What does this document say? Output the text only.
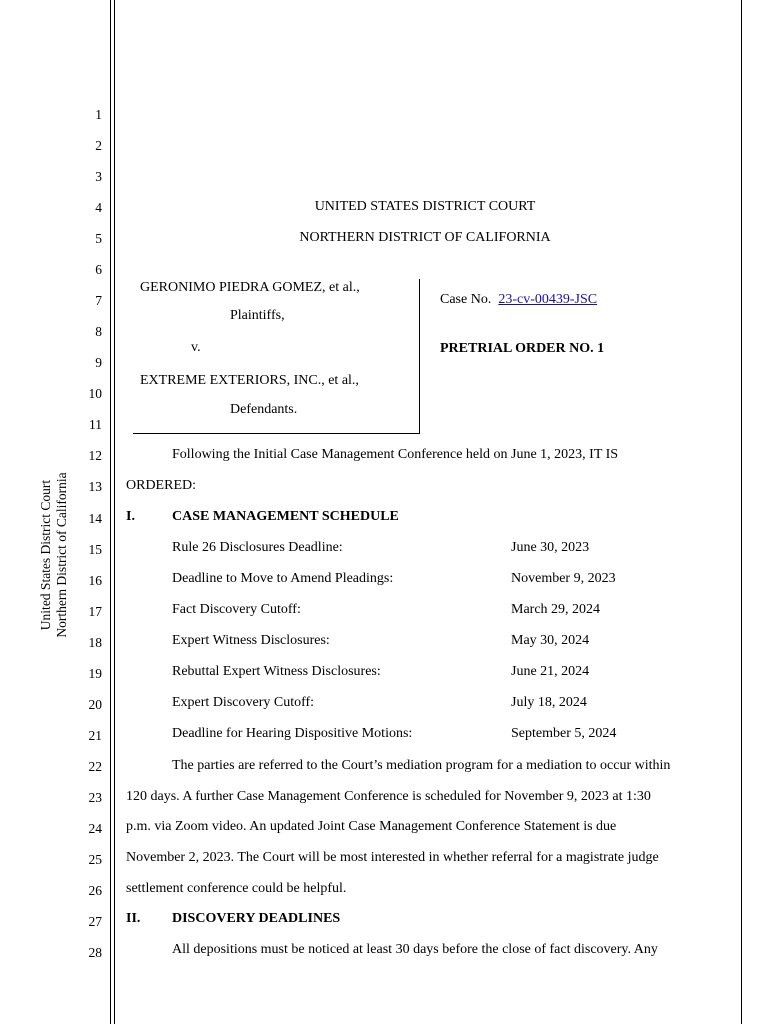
United States District Court Northern District of California
1
2
3
4
5
6
7
8
9
10
11
12
13
14
15
16
17
18
19
20
21
22
23
24
25
26
27
28
UNITED STATES DISTRICT COURT
NORTHERN DISTRICT OF CALIFORNIA
GERONIMO PIEDRA GOMEZ, et al.,
Plaintiffs,
v.
EXTREME EXTERIORS, INC., et al.,
Defendants.
Case No. 23-cv-00439-JSC
PRETRIAL ORDER NO. 1
Following the Initial Case Management Conference held on June 1, 2023, IT IS
ORDERED:
I.	CASE MANAGEMENT SCHEDULE
Rule 26 Disclosures Deadline:	June 30, 2023
Deadline to Move to Amend Pleadings:	November 9, 2023
Fact Discovery Cutoff:	March 29, 2024
Expert Witness Disclosures:	May 30, 2024
Rebuttal Expert Witness Disclosures:	June 21, 2024
Expert Discovery Cutoff:	July 18, 2024
Deadline for Hearing Dispositive Motions:	September 5, 2024
The parties are referred to the Court’s mediation program for a mediation to occur within
120 days. A further Case Management Conference is scheduled for November 9, 2023 at 1:30
p.m. via Zoom video. An updated Joint Case Management Conference Statement is due
November 2, 2023. The Court will be most interested in whether referral for a magistrate judge
settlement conference could be helpful.
II. DISCOVERY DEADLINES
All depositions must be noticed at least 30 days before the close of fact discovery. Any
